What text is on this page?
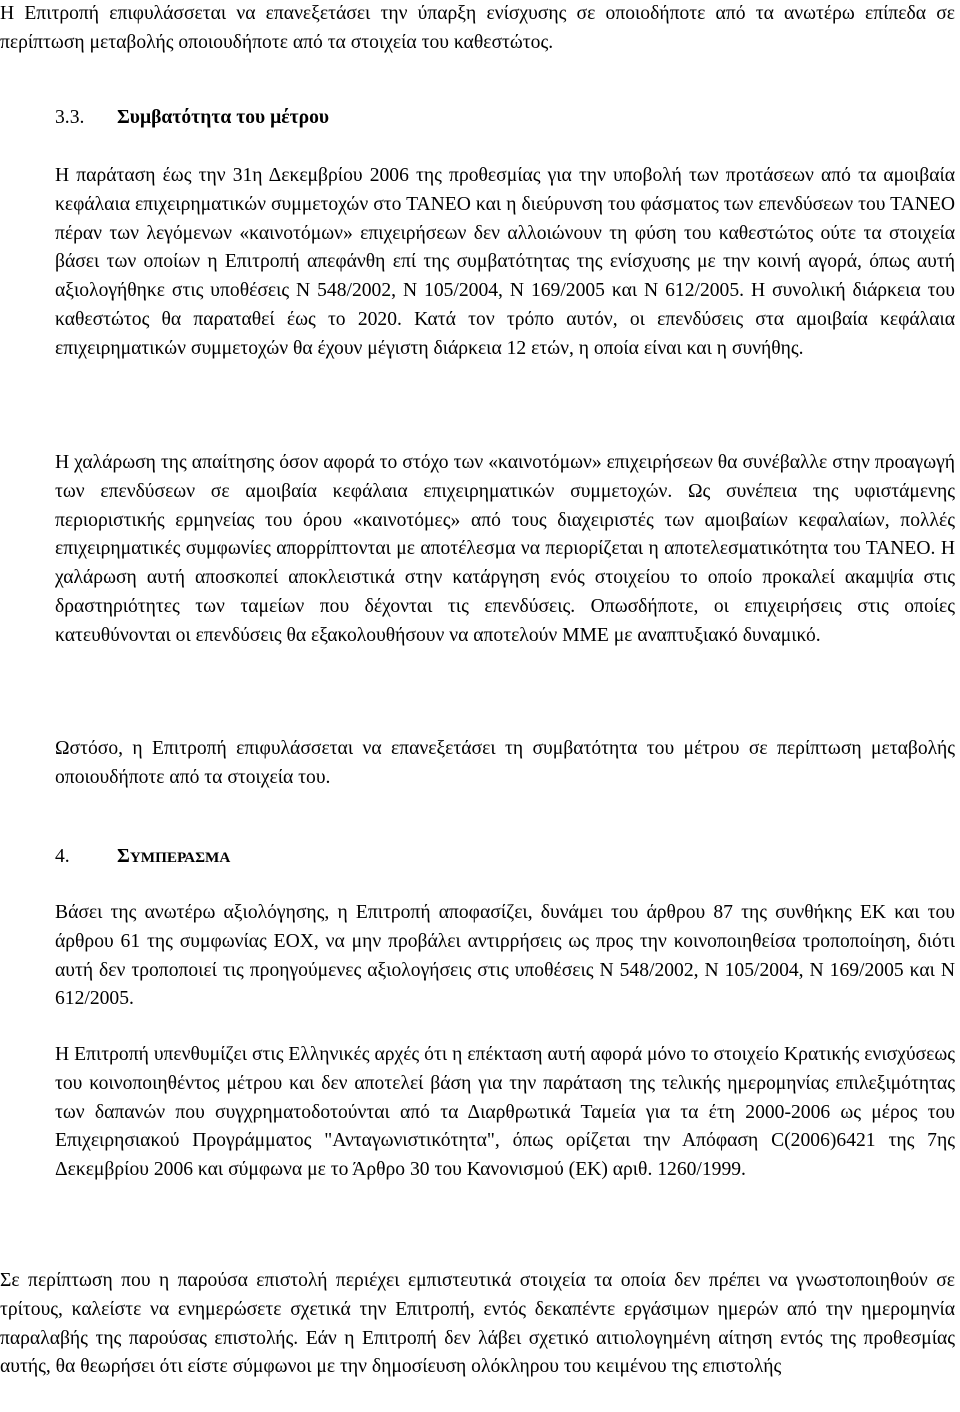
Η Επιτροπή επιφυλάσσεται να επανεξετάσει την ύπαρξη ενίσχυσης σε οποιοδήποτε από τα ανωτέρω επίπεδα σε περίπτωση μεταβολής οποιουδήποτε από τα στοιχεία του καθεστώτος.

3.3. Συμβατότητα του μέτρου

Η παράταση έως την 31η Δεκεμβρίου 2006 της προθεσμίας για την υποβολή των προτάσεων από τα αμοιβαία κεφάλαια επιχειρηματικών συμμετοχών στο ΤΑΝΕΟ και η διεύρυνση του φάσματος των επενδύσεων του ΤΑΝΕΟ πέραν των λεγόμενων «καινοτόμων» επιχειρήσεων δεν αλλοιώνουν τη φύση του καθεστώτος ούτε τα στοιχεία βάσει των οποίων η Επιτροπή απεφάνθη επί της συμβατότητας της ενίσχυσης με την κοινή αγορά, όπως αυτή αξιολογήθηκε στις υποθέσεις N 548/2002, N 105/2004, N 169/2005 και N 612/2005. Η συνολική διάρκεια του καθεστώτος θα παραταθεί έως το 2020. Κατά τον τρόπο αυτόν, οι επενδύσεις στα αμοιβαία κεφάλαια επιχειρηματικών συμμετοχών θα έχουν μέγιστη διάρκεια 12 ετών, η οποία είναι και η συνήθης.

Η χαλάρωση της απαίτησης όσον αφορά το στόχο των «καινοτόμων» επιχειρήσεων θα συνέβαλλε στην προαγωγή των επενδύσεων σε αμοιβαία κεφάλαια επιχειρηματικών συμμετοχών. Ως συνέπεια της υφιστάμενης περιοριστικής ερμηνείας του όρου «καινοτόμες» από τους διαχειριστές των αμοιβαίων κεφαλαίων, πολλές επιχειρηματικές συμφωνίες απορρίπτονται με αποτέλεσμα να περιορίζεται η αποτελεσματικότητα του ΤΑΝΕΟ. Η χαλάρωση αυτή αποσκοπεί αποκλειστικά στην κατάργηση ενός στοιχείου το οποίο προκαλεί ακαμψία στις δραστηριότητες των ταμείων που δέχονται τις επενδύσεις. Οπωσδήποτε, οι επιχειρήσεις στις οποίες κατευθύνονται οι επενδύσεις θα εξακολουθήσουν να αποτελούν ΜΜΕ με αναπτυξιακό δυναμικό.

Ωστόσο, η Επιτροπή επιφυλάσσεται να επανεξετάσει τη συμβατότητα του μέτρου σε περίπτωση μεταβολής οποιουδήποτε από τα στοιχεία του.

4. ΣΥΜΠΕΡΑΣΜΑ

Βάσει της ανωτέρω αξιολόγησης, η Επιτροπή αποφασίζει, δυνάμει του άρθρου 87 της συνθήκης ΕΚ και του άρθρου 61 της συμφωνίας ΕΟΧ, να μην προβάλει αντιρρήσεις ως προς την κοινοποιηθείσα τροποποίηση, διότι αυτή δεν τροποποιεί τις προηγούμενες αξιολογήσεις στις υποθέσεις N 548/2002, N 105/2004, N 169/2005 και N 612/2005.

Η Επιτροπή υπενθυμίζει στις Ελληνικές αρχές ότι η επέκταση αυτή αφορά μόνο το στοιχείο Κρατικής ενισχύσεως του κοινοποιηθέντος μέτρου και δεν αποτελεί βάση για την παράταση της τελικής ημερομηνίας επιλεξιμότητας των δαπανών που συγχρηματοδοτούνται από τα Διαρθρωτικά Ταμεία για τα έτη 2000-2006 ως μέρος του Επιχειρησιακού Προγράμματος "Ανταγωνιστικότητα", όπως ορίζεται την Απόφαση C(2006)6421 της 7ης Δεκεμβρίου 2006 και σύμφωνα με το Άρθρο 30 του Κανονισμού (ΕΚ) αριθ. 1260/1999.

Σε περίπτωση που η παρούσα επιστολή περιέχει εμπιστευτικά στοιχεία τα οποία δεν πρέπει να γνωστοποιηθούν σε τρίτους, καλείστε να ενημερώσετε σχετικά την Επιτροπή, εντός δεκαπέντε εργάσιμων ημερών από την ημερομηνία παραλαβής της παρούσας επιστολής. Εάν η Επιτροπή δεν λάβει σχετικό αιτιολογημένη αίτηση εντός της προθεσμίας αυτής, θα θεωρήσει ότι είστε σύμφωνοι με την δημοσίευση ολόκληρου του κειμένου της επιστολής
